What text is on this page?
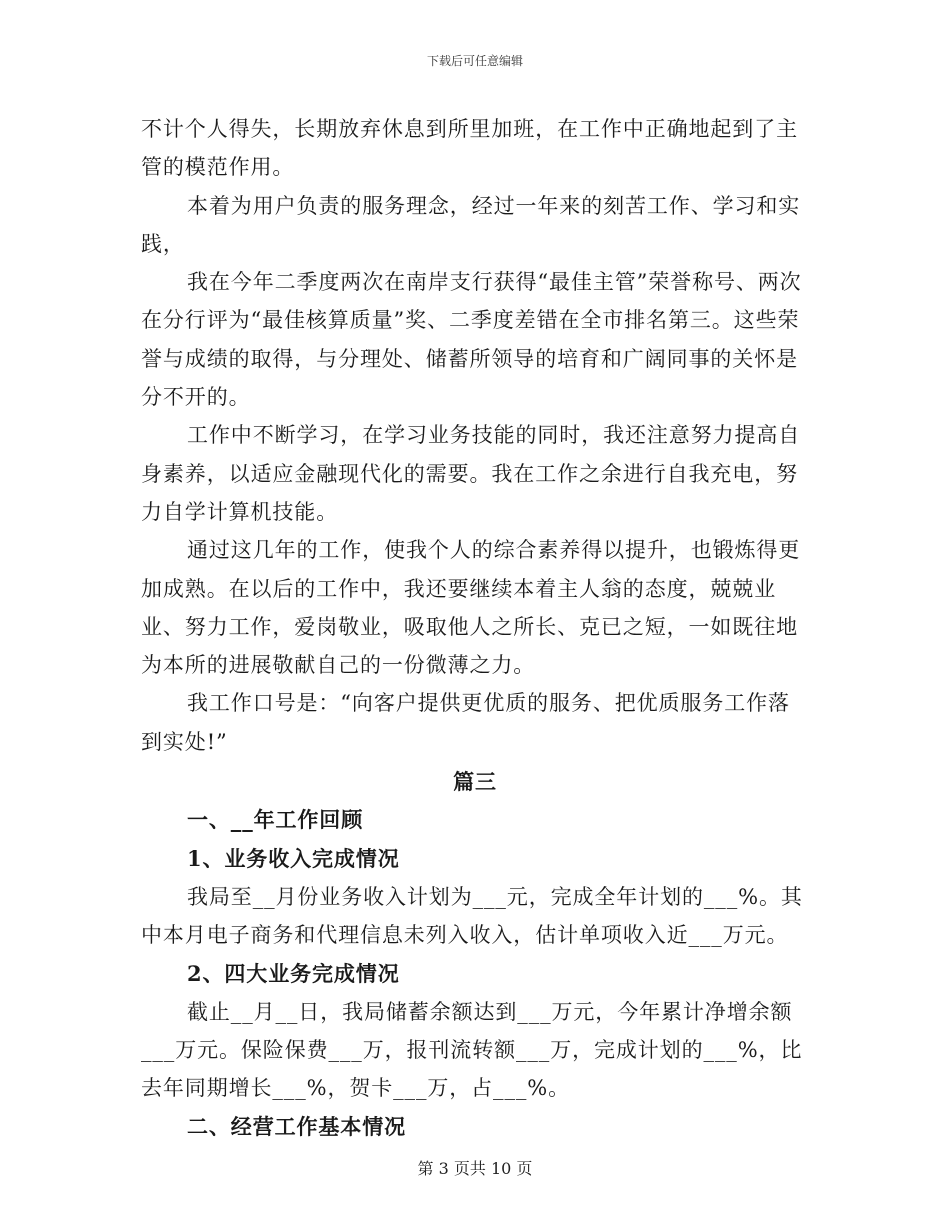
下载后可任意编辑

不计个人得失，长期放弃休息到所里加班，在工作中正确地起到了主管的模范作用。

本着为用户负责的服务理念，经过一年来的刻苦工作、学习和实践，

我在今年二季度两次在南岸支行获得“最佳主管”荣誉称号、两次在分行评为“最佳核算质量”奖、二季度差错在全市排名第三。这些荣誉与成绩的取得，与分理处、储蓄所领导的培育和广阔同事的关怀是分不开的。

工作中不断学习，在学习业务技能的同时，我还注意努力提高自身素养，以适应金融现代化的需要。我在工作之余进行自我充电，努力自学计算机技能。

通过这几年的工作，使我个人的综合素养得以提升，也锻炼得更加成熟。在以后的工作中，我还要继续本着主人翁的态度，兢兢业业、努力工作，爱岗敬业，吸取他人之所长、克已之短，一如既往地为本所的进展敬献自己的一份微薄之力。

我工作口号是：“向客户提供更优质的服务、把优质服务工作落到实处!”

篇三

一、__年工作回顾

1、业务收入完成情况

我局至__月份业务收入计划为___元，完成全年计划的___%。其中本月电子商务和代理信息未列入收入，估计单项收入近___万元。

2、四大业务完成情况

截止__月__日，我局储蓄余额达到___万元，今年累计净增余额___万元。保险保费___万，报刊流转额___万，完成计划的___%，比去年同期增长___%，贺卡___万，占___%。

二、经营工作基本情况

第 3 页共 10 页
